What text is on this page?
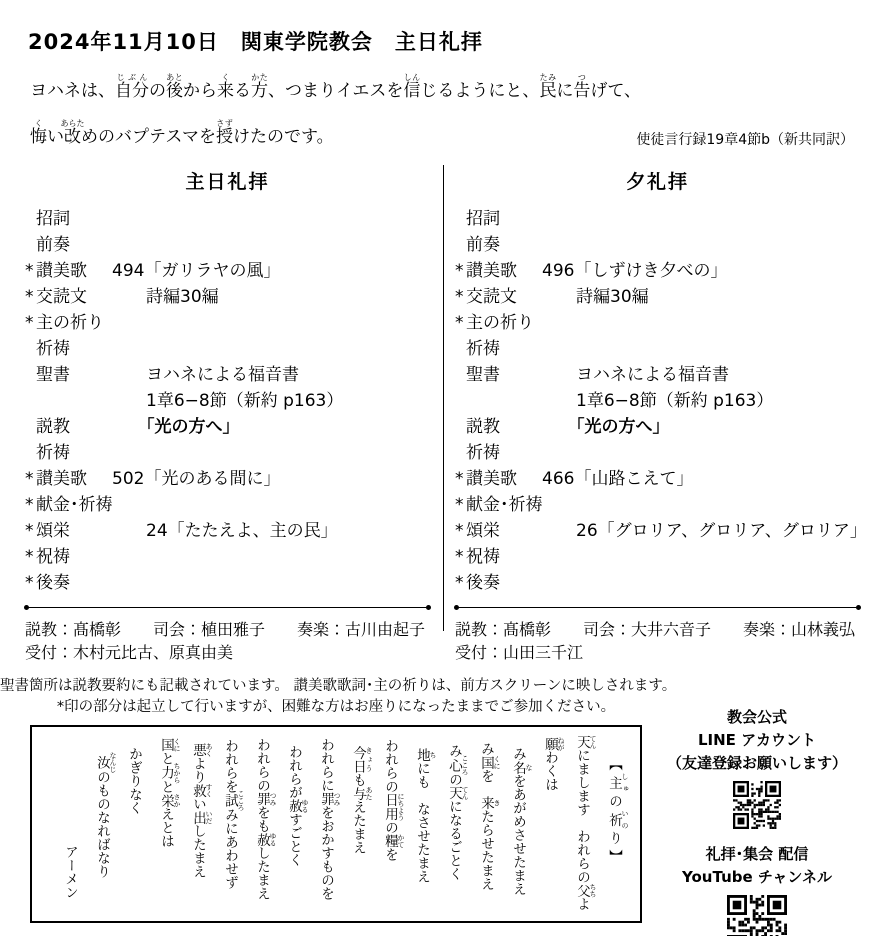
2024年11月10日　関東学院教会　主日礼拝
ヨハネは、自分じぶんの後あとから来くる方かた、つまりイエスを信しんじるようにと、民たみに告つげて、
悔くい改あらためのバプテスマを授さずけたのです。	使徒言行録19章4節b（新共同訳）
主日礼拝
招詞
前奏
* 讃美歌	494「ガリラヤの風」
* 交読文	　　詩編30編
* 主の祈り
祈祷
聖書	　　ヨハネによる福音書
　　1章6−8節（新約 p163）
説教	　　「光の方へ」
祈祷
* 讃美歌	502「光のある間に」
* 献金･祈祷
* 頌栄	　　24「たたえよ、主の民」
* 祝祷
* 後奏
説教：髙橋彰　　司会：植田雅子　　奏楽：古川由起子
受付：木村元比古、原真由美
夕礼拝
招詞
前奏
* 讃美歌	496「しずけき夕べの」
* 交読文	　　詩編30編
* 主の祈り
祈祷
聖書	　　ヨハネによる福音書
　　1章6−8節（新約 p163）
説教	　　「光の方へ」
祈祷
* 讃美歌	466「山路こえて」
* 献金･祈祷
* 頌栄	　　26「グロリア、グロリア、グロリア」
* 祝祷
* 後奏
説教：髙橋彰　　司会：大井六音子　　奏楽：山林義弘
受付：山田三千江
聖書箇所は説教要約にも記載されています。 讃美歌歌詞･主の祈りは、前方スクリーンに映しされます。
*印の部分は起立して行いますが、困難な方はお座りになったままでご参加ください。
【主 しゅの祈 いのり】
天 てんにまします　われらの父 ちちよ
願 ねがわくは
み名 なをあがめさせたまえ
み国 くにを　来 きたらせたまえ
み心 こころの天 てんになるごとく
地 ちにも　なさせたまえ
われらの日用 にちようの糧 かてを
今日 きょうも与 あたえたまえ
われらに罪 つみをおかすものを
われらが赦 ゆるすごとく
われらの罪 つみをも赦 ゆるしたまえ
われらを試 こころみにあわせず
悪 あくより救 すくい出 いだしたまえ
国 くにと力 ちからと栄 さかえとは
かぎりなく
汝 なんじのものなればなり
アーメン
教会公式
LINE アカウント
（友達登録お願いします）
礼拝･集会 配信
YouTube チャンネル
